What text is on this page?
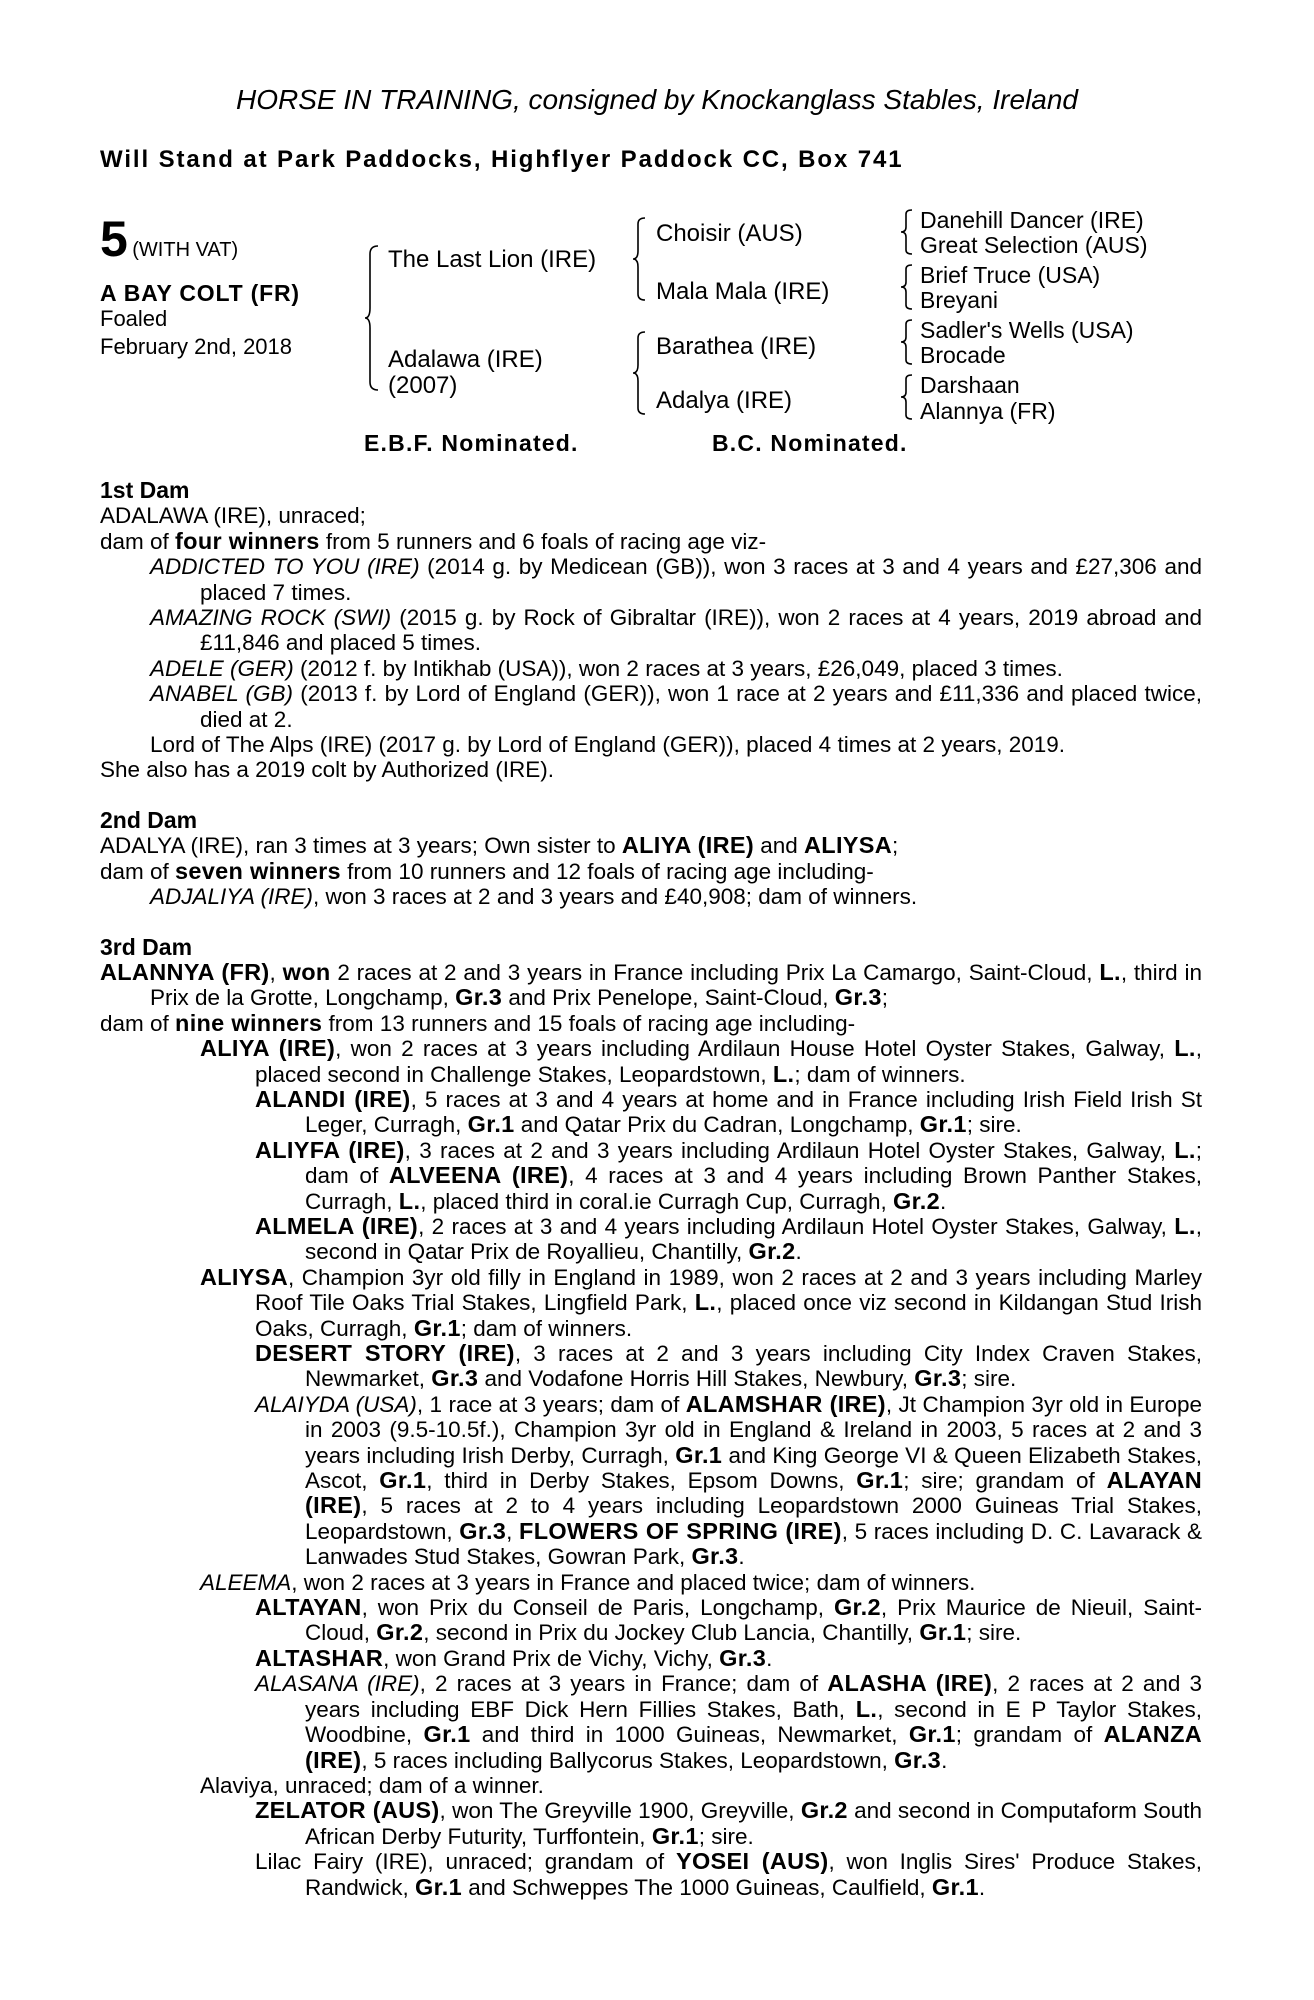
HORSE IN TRAINING, consigned by Knockanglass Stables, Ireland
Will Stand at Park Paddocks, Highflyer Paddock CC, Box 741
5 (WITH VAT)
A BAY COLT (FR)
Foaled
February 2nd, 2018
The Last Lion (IRE)
Adalawa (IRE)
(2007)
Choisir (AUS)
Mala Mala (IRE)
Barathea (IRE)
Adalya (IRE)
Danehill Dancer (IRE)
Great Selection (AUS)
Brief Truce (USA)
Breyani
Sadler's Wells (USA)
Brocade
Darshaan
Alannya (FR)
E.B.F. Nominated.	B.C. Nominated.

1st Dam

ADALAWA (IRE), unraced;

dam of four winners from 5 runners and 6 foals of racing age viz-

ADDICTED TO YOU (IRE) (2014 g. by Medicean (GB)), won 3 races at 3 and 4 years and £27,306 and placed 7 times.

AMAZING ROCK (SWI) (2015 g. by Rock of Gibraltar (IRE)), won 2 races at 4 years, 2019 abroad and £11,846 and placed 5 times.

ADELE (GER) (2012 f. by Intikhab (USA)), won 2 races at 3 years, £26,049, placed 3 times.

ANABEL (GB) (2013 f. by Lord of England (GER)), won 1 race at 2 years and £11,336 and placed twice, died at 2.

Lord of The Alps (IRE) (2017 g. by Lord of England (GER)), placed 4 times at 2 years, 2019.

She also has a 2019 colt by Authorized (IRE).

2nd Dam

ADALYA (IRE), ran 3 times at 3 years; Own sister to ALIYA (IRE) and ALIYSA;

dam of seven winners from 10 runners and 12 foals of racing age including-

ADJALIYA (IRE), won 3 races at 2 and 3 years and £40,908; dam of winners.

3rd Dam

ALANNYA (FR), won 2 races at 2 and 3 years in France including Prix La Camargo, Saint-Cloud, L., third in Prix de la Grotte, Longchamp, Gr.3 and Prix Penelope, Saint-Cloud, Gr.3;

dam of nine winners from 13 runners and 15 foals of racing age including-

ALIYA (IRE), won 2 races at 3 years including Ardilaun House Hotel Oyster Stakes, Galway, L., placed second in Challenge Stakes, Leopardstown, L.; dam of winners.

ALANDI (IRE), 5 races at 3 and 4 years at home and in France including Irish Field Irish St Leger, Curragh, Gr.1 and Qatar Prix du Cadran, Longchamp, Gr.1; sire.

ALIYFA (IRE), 3 races at 2 and 3 years including Ardilaun Hotel Oyster Stakes, Galway, L.; dam of ALVEENA (IRE), 4 races at 3 and 4 years including Brown Panther Stakes, Curragh, L., placed third in coral.ie Curragh Cup, Curragh, Gr.2.

ALMELA (IRE), 2 races at 3 and 4 years including Ardilaun Hotel Oyster Stakes, Galway, L., second in Qatar Prix de Royallieu, Chantilly, Gr.2.

ALIYSA, Champion 3yr old filly in England in 1989, won 2 races at 2 and 3 years including Marley Roof Tile Oaks Trial Stakes, Lingfield Park, L., placed once viz second in Kildangan Stud Irish Oaks, Curragh, Gr.1; dam of winners.

DESERT STORY (IRE), 3 races at 2 and 3 years including City Index Craven Stakes, Newmarket, Gr.3 and Vodafone Horris Hill Stakes, Newbury, Gr.3; sire.

ALAIYDA (USA), 1 race at 3 years; dam of ALAMSHAR (IRE), Jt Champion 3yr old in Europe in 2003 (9.5-10.5f.), Champion 3yr old in England & Ireland in 2003, 5 races at 2 and 3 years including Irish Derby, Curragh, Gr.1 and King George VI & Queen Elizabeth Stakes, Ascot, Gr.1, third in Derby Stakes, Epsom Downs, Gr.1; sire; grandam of ALAYAN (IRE), 5 races at 2 to 4 years including Leopardstown 2000 Guineas Trial Stakes, Leopardstown, Gr.3, FLOWERS OF SPRING (IRE), 5 races including D. C. Lavarack & Lanwades Stud Stakes, Gowran Park, Gr.3.

ALEEMA, won 2 races at 3 years in France and placed twice; dam of winners.

ALTAYAN, won Prix du Conseil de Paris, Longchamp, Gr.2, Prix Maurice de Nieuil, Saint-Cloud, Gr.2, second in Prix du Jockey Club Lancia, Chantilly, Gr.1; sire.

ALTASHAR, won Grand Prix de Vichy, Vichy, Gr.3.

ALASANA (IRE), 2 races at 3 years in France; dam of ALASHA (IRE), 2 races at 2 and 3 years including EBF Dick Hern Fillies Stakes, Bath, L., second in E P Taylor Stakes, Woodbine, Gr.1 and third in 1000 Guineas, Newmarket, Gr.1; grandam of ALANZA (IRE), 5 races including Ballycorus Stakes, Leopardstown, Gr.3.

Alaviya, unraced; dam of a winner.

ZELATOR (AUS), won The Greyville 1900, Greyville, Gr.2 and second in Computaform South African Derby Futurity, Turffontein, Gr.1; sire.

Lilac Fairy (IRE), unraced; grandam of YOSEI (AUS), won Inglis Sires' Produce Stakes, Randwick, Gr.1 and Schweppes The 1000 Guineas, Caulfield, Gr.1.
